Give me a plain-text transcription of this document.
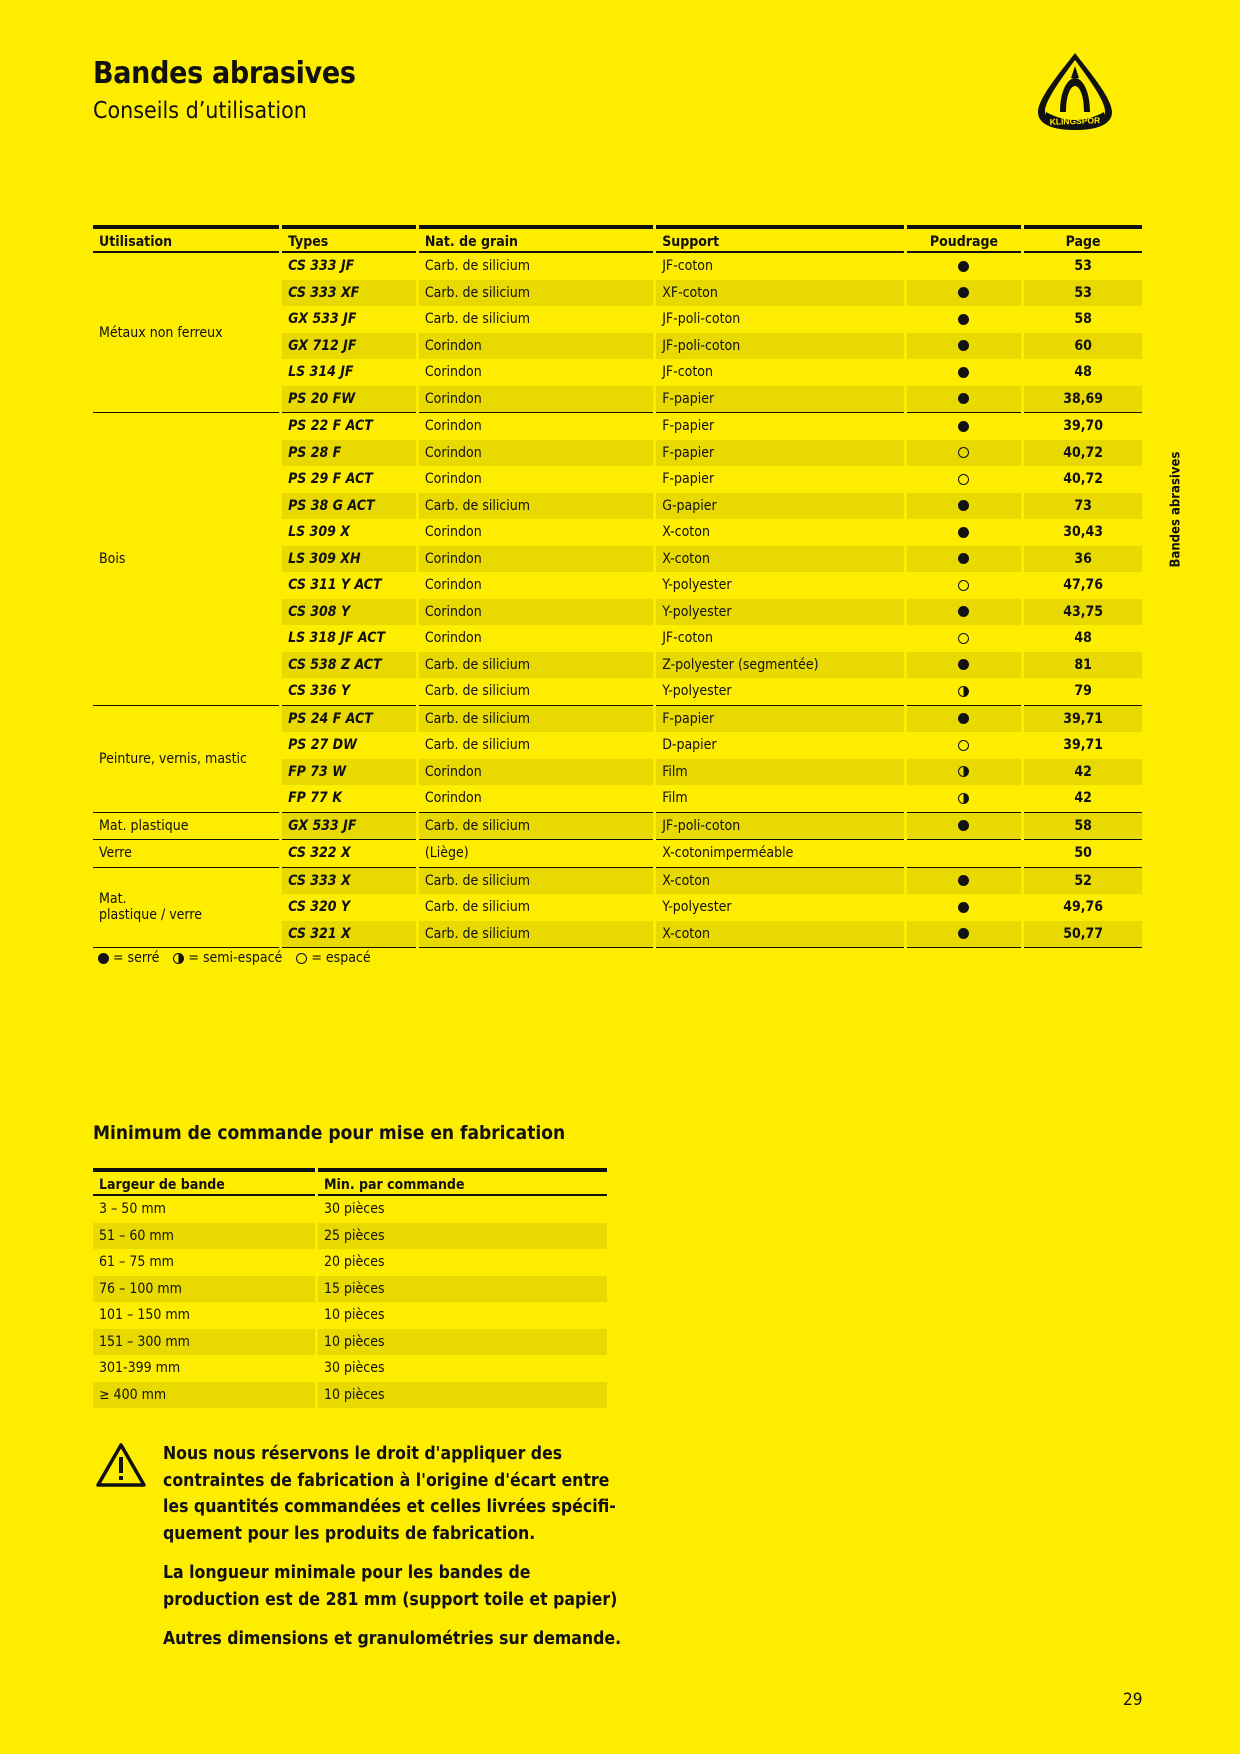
Bandes abrasives
Conseils d’utilisation	KLINGSPOR
Bandes abrasives
Utilisation	Types	Nat. de grain	Support	Poudrage	Page
Métaux non ferreux	CS 333 JF	Carb. de silicium	JF-coton		53
	CS 333 XF	Carb. de silicium	XF-coton		53
	GX 533 JF	Carb. de silicium	JF-poli-coton		58
	GX 712 JF	Corindon	JF-poli-coton		60
	LS 314 JF	Corindon	JF-coton		48
	PS 20 FW	Corindon	F-papier		38,69
Bois	PS 22 F ACT	Corindon	F-papier		39,70
	PS 28 F	Corindon	F-papier		40,72
	PS 29 F ACT	Corindon	F-papier		40,72
	PS 38 G ACT	Carb. de silicium	G-papier		73
	LS 309 X	Corindon	X-coton		30,43
	LS 309 XH	Corindon	X-coton		36
	CS 311 Y ACT	Corindon	Y-polyester		47,76
	CS 308 Y	Corindon	Y-polyester		43,75
	LS 318 JF ACT	Corindon	JF-coton		48
	CS 538 Z ACT	Carb. de silicium	Z-polyester (segmentée)		81
	CS 336 Y	Carb. de silicium	Y-polyester		79
Peinture, vernis, mastic	PS 24 F ACT	Carb. de silicium	F-papier		39,71
	PS 27 DW	Carb. de silicium	D-papier		39,71
	FP 73 W	Corindon	Film		42
	FP 77 K	Corindon	Film		42
Mat. plastique	GX 533 JF	Carb. de silicium	JF-poli-coton		58
Verre	CS 322 X	(Liège)	X-cotonimperméable		50
Mat.
plastique / verre	CS 333 X	Carb. de silicium	X-coton		52
	CS 320 Y	Carb. de silicium	Y-polyester		49,76
	CS 321 X	Carb. de silicium	X-coton		50,77
= serré = semi-espacé = espacé
Minimum de commande pour mise en fabrication
Largeur de bande	Min. par commande
3 – 50 mm	30 pièces
51 – 60 mm	25 pièces
61 – 75 mm	20 pièces
76 – 100 mm	15 pièces
101 – 150 mm	10 pièces
151 – 300 mm	10 pièces
301-399 mm	30 pièces
≥ 400 mm	10 pièces

Nous nous réservons le droit d'appliquer des contraintes de fabrication à l'origine d'écart entre les quantités commandées et celles livrées spécifiquement pour les produits de fabrication.

La longueur minimale pour les bandes de production est de 281 mm (support toile et papier)

Autres dimensions et granulométries sur demande.

29
